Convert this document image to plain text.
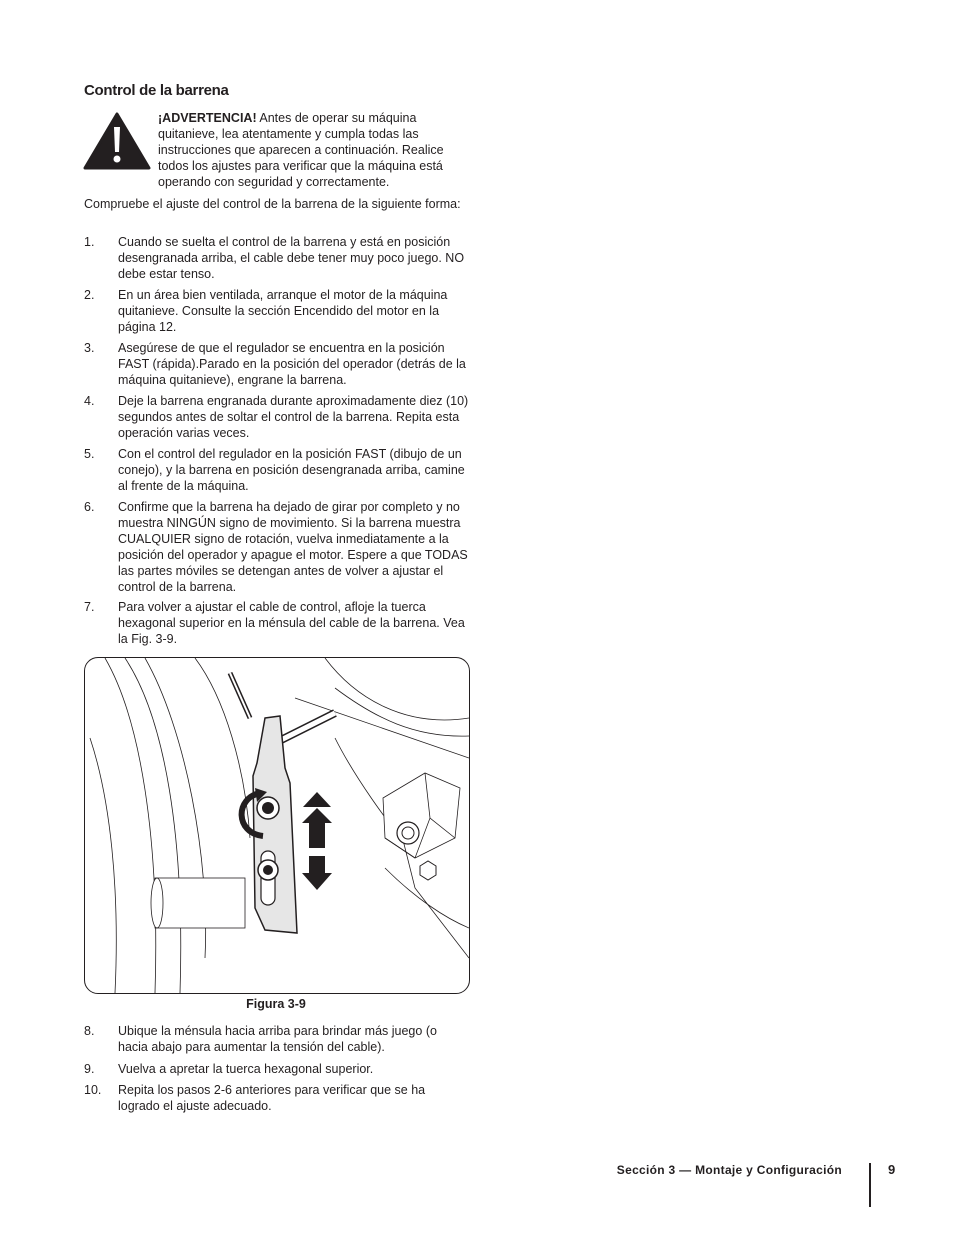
Control de la barrena
¡ADVERTENCIA! Antes de operar su máquina quitanieve, lea atentamente y cumpla todas las instrucciones que aparecen a continuación. Realice todos los ajustes para verificar que la máquina está operando con seguridad y correctamente.
Compruebe el ajuste del control de la barrena de la siguiente forma:
1.	Cuando se suelta el control de la barrena y está en posición desengranada arriba, el cable debe tener muy poco juego. NO debe estar tenso.
2.	En un área bien ventilada, arranque el motor de la máquina quitanieve. Consulte la sección Encendido del motor en la página 12.
3.	Asegúrese de que el regulador se encuentra en la posición FAST (rápida).Parado en la posición del operador (detrás de la máquina quitanieve), engrane la barrena.
4.	Deje la barrena engranada durante aproximadamente diez (10) segundos antes de soltar el control de la barrena. Repita esta operación varias veces.
5.	Con el control del regulador en la posición FAST (dibujo de un conejo), y la barrena en posición desengranada arriba, camine al frente de la máquina.
6.	Confirme que la barrena ha dejado de girar por completo y no muestra NINGÚN signo de movimiento. Si la barrena muestra CUALQUIER signo de rotación, vuelva inmediatamente a la posición del operador y apague el motor. Espere a que TODAS las partes móviles se detengan antes de volver a ajustar el control de la barrena.
7.	Para volver a ajustar el cable de control, afloje la tuerca hexagonal superior en la ménsula del cable de la barrena. Vea la Fig. 3-9.
Figura 3-9
8.	Ubique la ménsula hacia arriba para brindar más juego (o hacia abajo para aumentar la tensión del cable).
9.	Vuelva a apretar la tuerca hexagonal superior.
10.	Repita los pasos 2-6 anteriores para verificar que se ha logrado el ajuste adecuado.
Sección 3 — Montaje y Configuración	9
